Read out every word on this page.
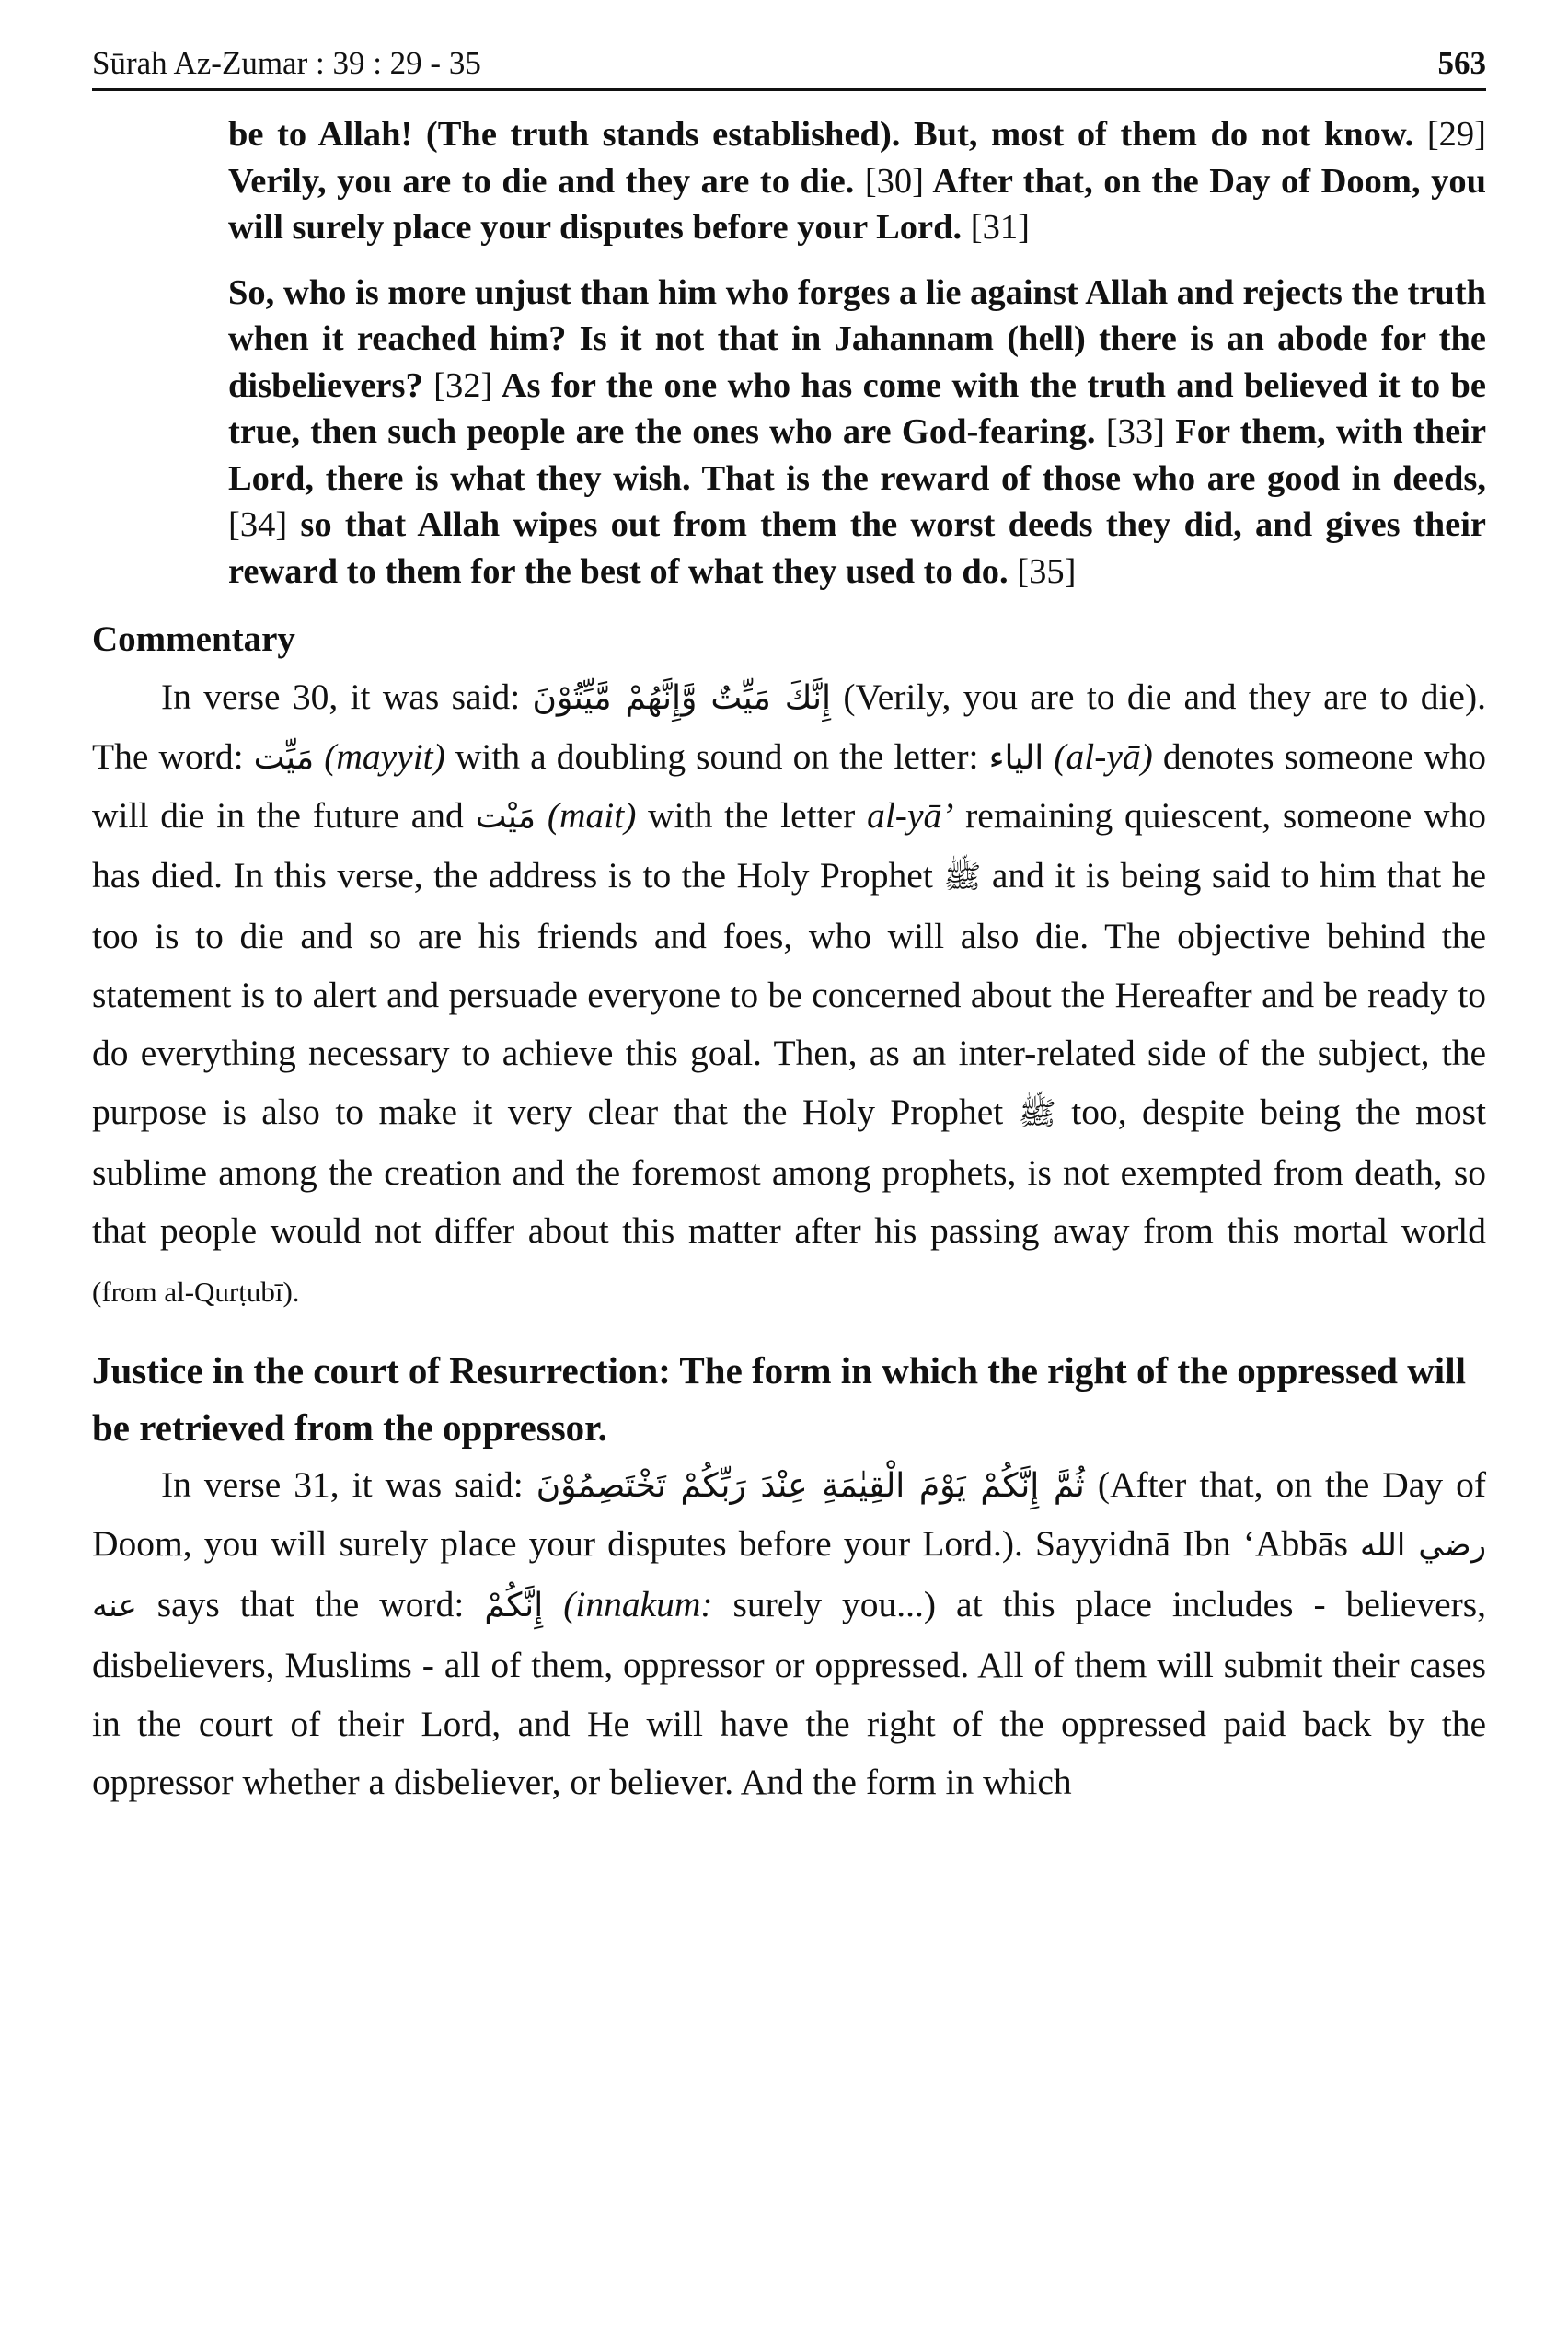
Sūrah Az-Zumar : 39 : 29 - 35	563

be to Allah! (The truth stands established). But, most of them do not know. [29] Verily, you are to die and they are to die. [30] After that, on the Day of Doom, you will surely place your disputes before your Lord. [31]

So, who is more unjust than him who forges a lie against Allah and rejects the truth when it reached him? Is it not that in Jahannam (hell) there is an abode for the disbelievers? [32] As for the one who has come with the truth and believed it to be true, then such people are the ones who are God-fearing. [33] For them, with their Lord, there is what they wish. That is the reward of those who are good in deeds, [34] so that Allah wipes out from them the worst deeds they did, and gives their reward to them for the best of what they used to do. [35]

Commentary

In verse 30, it was said: إِنَّكَ مَيِّتٌ وَّإِنَّهُمْ مَّيِّتُوْنَ (Verily, you are to die and they are to die). The word: مَيِّت (mayyit) with a doubling sound on the letter: الياء (al-yā) denotes someone who will die in the future and مَيْت (mait) with the letter al-yā’ remaining quiescent, someone who has died. In this verse, the address is to the Holy Prophet ﷺ and it is being said to him that he too is to die and so are his friends and foes, who will also die. The objective behind the statement is to alert and persuade everyone to be concerned about the Hereafter and be ready to do everything necessary to achieve this goal. Then, as an inter-related side of the subject, the purpose is also to make it very clear that the Holy Prophet ﷺ too, despite being the most sublime among the creation and the foremost among prophets, is not exempted from death, so that people would not differ about this matter after his passing away from this mortal world (from al-Qurṭubī).

Justice in the court of Resurrection: The form in which the right of the oppressed will be retrieved from the oppressor.

In verse 31, it was said: ثُمَّ إِنَّكُمْ يَوْمَ الْقِيٰمَةِ عِنْدَ رَبِّكُمْ تَخْتَصِمُوْنَ (After that, on the Day of Doom, you will surely place your disputes before your Lord.). Sayyidnā Ibn ‘Abbās رضي الله عنه says that the word: إِنَّكُمْ (innakum: surely you...) at this place includes - believers, disbelievers, Muslims - all of them, oppressor or oppressed. All of them will submit their cases in the court of their Lord, and He will have the right of the oppressed paid back by the oppressor whether a disbeliever, or believer. And the form in which
